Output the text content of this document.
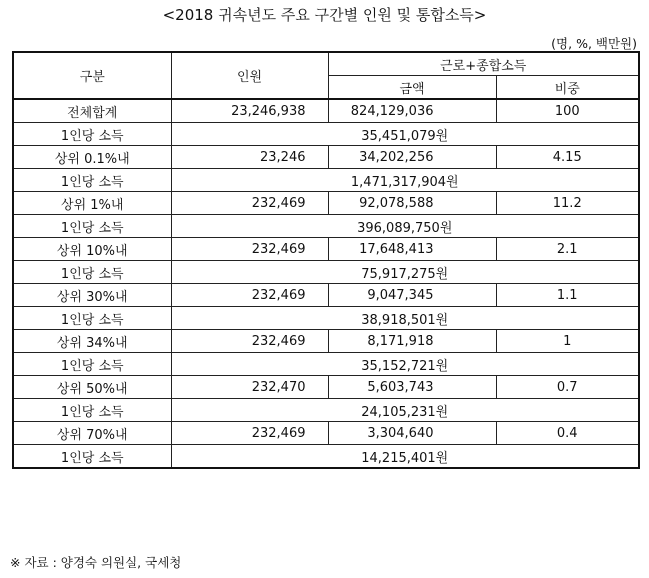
<2018 귀속년도 주요 구간별 인원 및 통합소득>
(명, %, 백만원)
구분	인원	근로+종합소득	
		금액	비중
전체합계	23,246,938	824,129,036	100
1인당 소득	35,451,079원		
상위 0.1%내	23,246	34,202,256	4.15
1인당 소득	1,471,317,904원		
상위 1%내	232,469	92,078,588	11.2
1인당 소득	396,089,750원		
상위 10%내	232,469	17,648,413	2.1
1인당 소득	75,917,275원		
상위 30%내	232,469	9,047,345	1.1
1인당 소득	38,918,501원		
상위 34%내	232,469	8,171,918	1
1인당 소득	35,152,721원		
상위 50%내	232,470	5,603,743	0.7
1인당 소득	24,105,231원		
상위 70%내	232,469	3,304,640	0.4
1인당 소득	14,215,401원		
※ 자료 : 양경숙 의원실, 국세청
